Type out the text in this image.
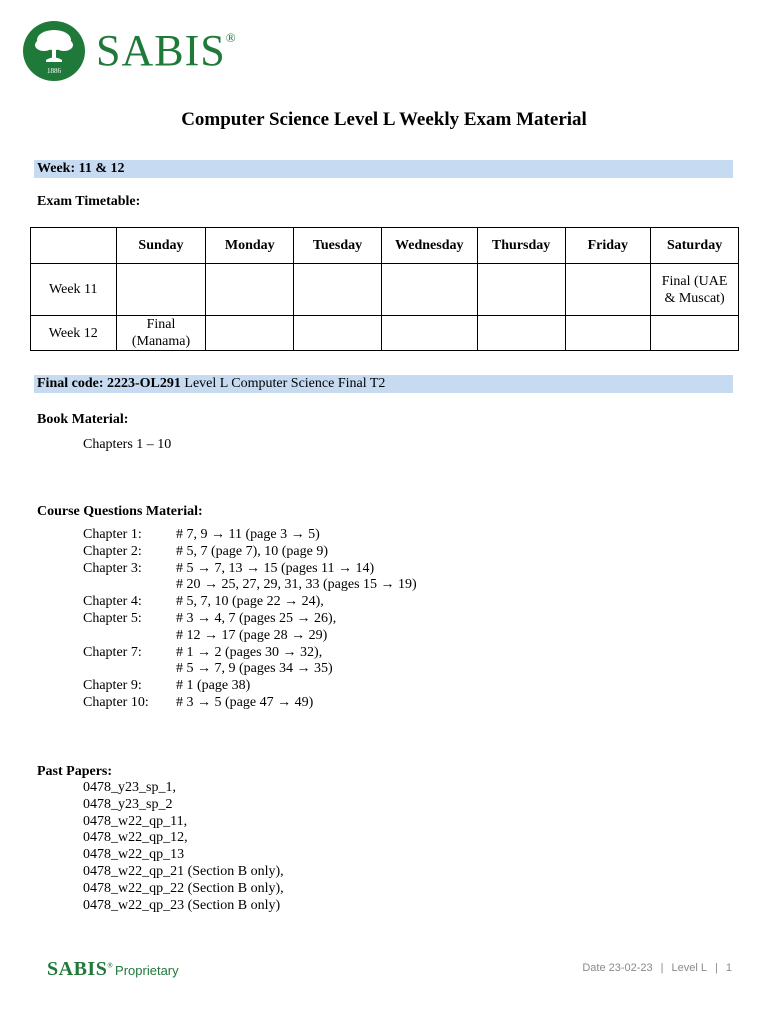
1886 SABIS®
Computer Science Level L Weekly Exam Material
Week: 11 & 12
Exam Timetable:
	Sunday	Monday	Tuesday	Wednesday	Thursday	Friday	Saturday
Week 11							Final (UAE & Muscat)
Week 12	Final (Manama)						
Final code: 2223-OL291 Level L Computer Science Final T2
Book Material:
Chapters 1 – 10
Course Questions Material:
Chapter 1:	# 7, 9 → 11 (page 3 → 5)
Chapter 2:	# 5, 7 (page 7), 10 (page 9)
Chapter 3:	# 5 → 7, 13 → 15 (pages 11 → 14)
# 20 → 25, 27, 29, 31, 33 (pages 15 → 19)
Chapter 4:	# 5, 7, 10 (page 22 → 24),
Chapter 5:	# 3 → 4, 7 (pages 25 → 26),
# 12 → 17 (page 28 → 29)
Chapter 7:	# 1 → 2 (pages 30 → 32),
# 5 → 7, 9 (pages 34 → 35)
Chapter 9:	# 1 (page 38)
Chapter 10:	# 3 → 5 (page 47 → 49)
Past Papers:
0478_y23_sp_1,
0478_y23_sp_2
0478_w22_qp_11,
0478_w22_qp_12,
0478_w22_qp_13
0478_w22_qp_21 (Section B only),
0478_w22_qp_22 (Section B only),
0478_w22_qp_23 (Section B only)
SABIS® Proprietary	Date 23-02-23 | Level L | 1
